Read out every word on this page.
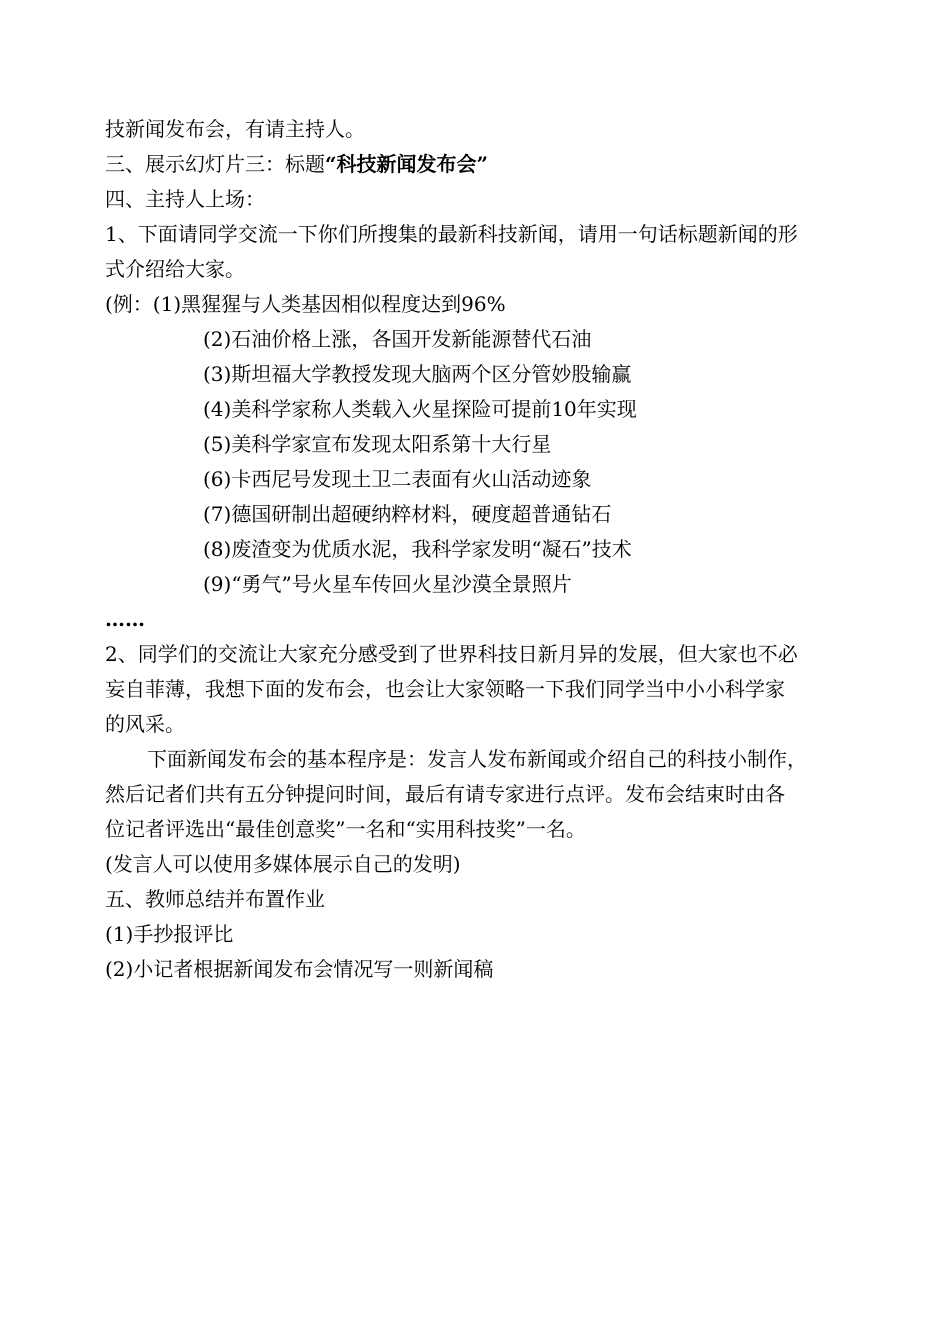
技新闻发布会，有请主持人。
三、展示幻灯片三：标题“科技新闻发布会”
四、主持人上场：
1、下面请同学交流一下你们所搜集的最新科技新闻，请用一句话标题新闻的形
式介绍给大家。
(例：(1)黑猩猩与人类基因相似程度达到96%
(2)石油价格上涨，各国开发新能源替代石油
(3)斯坦福大学教授发现大脑两个区分管妙股输赢
(4)美科学家称人类载入火星探险可提前10年实现
(5)美科学家宣布发现太阳系第十大行星
(6)卡西尼号发现土卫二表面有火山活动迹象
(7)德国研制出超硬纳粹材料，硬度超普通钻石
(8)废渣变为优质水泥，我科学家发明“凝石”技术
(9)“勇气”号火星车传回火星沙漠全景照片
……
2、同学们的交流让大家充分感受到了世界科技日新月异的发展，但大家也不必
妄自菲薄，我想下面的发布会，也会让大家领略一下我们同学当中小小科学家
的风采。
下面新闻发布会的基本程序是：发言人发布新闻或介绍自己的科技小制作，
然后记者们共有五分钟提问时间，最后有请专家进行点评。发布会结束时由各
位记者评选出“最佳创意奖”一名和“实用科技奖”一名。
(发言人可以使用多媒体展示自己的发明)
五、教师总结并布置作业
(1)手抄报评比
(2)小记者根据新闻发布会情况写一则新闻稿
